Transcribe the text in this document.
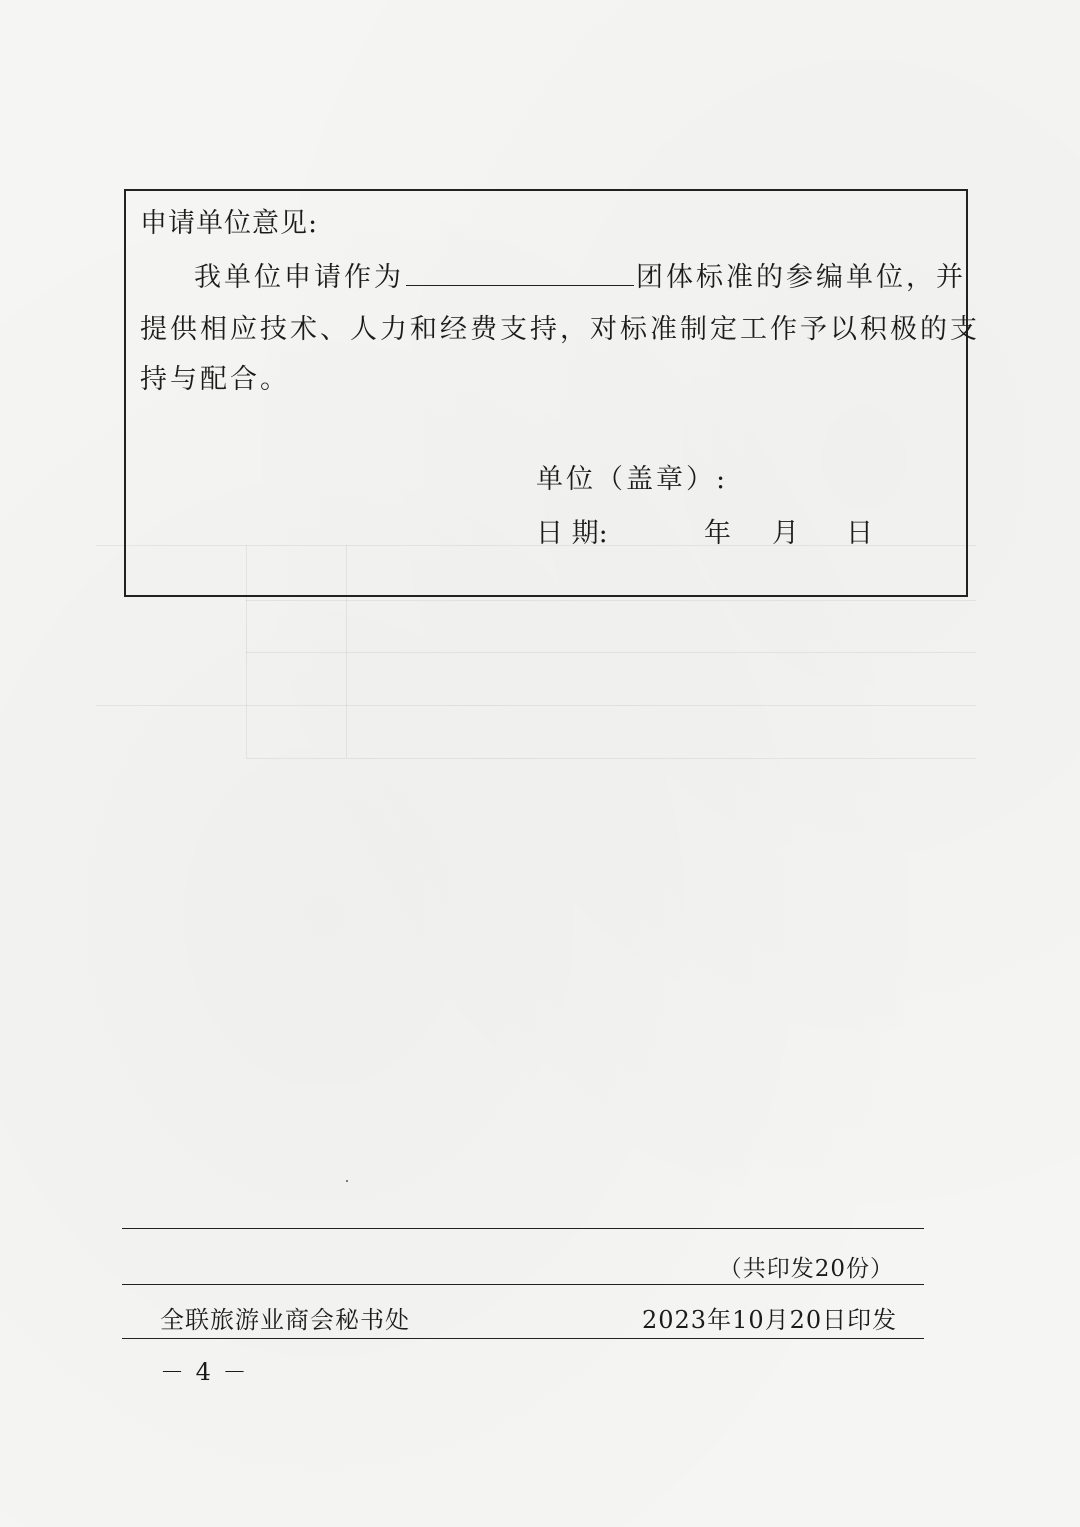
申请单位意见:
我单位申请作为	团体标准的参编单位，并
提供相应技术、人力和经费支持，对标准制定工作予以积极的支
持与配合。
单位（盖章）:
日 期:	年 月 日
（共印发20份）
全联旅游业商会秘书处	2023年10月20日印发
－ 4 －
